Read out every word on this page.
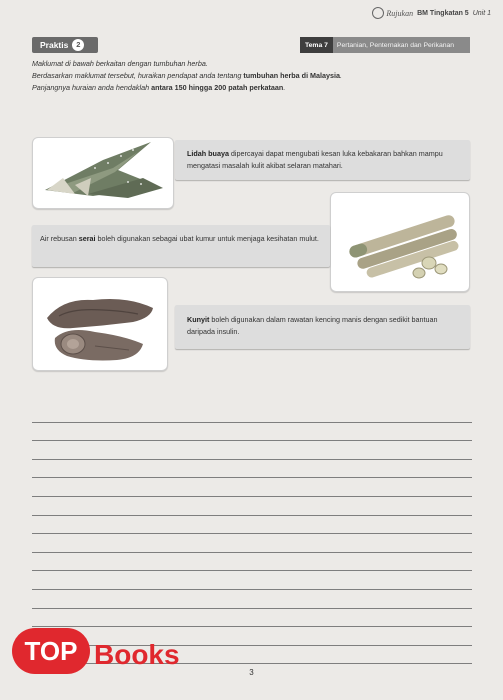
Rujukan BM Tingkatan 5 Unit 1
Praktis	2	Tema 7	Pertanian, Penternakan dan Perikanan
Maklumat di bawah berkaitan dengan tumbuhan herba.
Berdasarkan maklumat tersebut, huraikan pendapat anda tentang tumbuhan herba di Malaysia.
Panjangnya huraian anda hendaklah antara 150 hingga 200 patah perkataan.
Lidah buaya dipercayai dapat mengubati kesan luka kebakaran bahkan mampu mengatasi masalah kulit akibat selaran matahari.
Air rebusan serai boleh digunakan sebagai ubat kumur untuk menjaga kesihatan mulut.
Kunyit boleh digunakan dalam rawatan kencing manis dengan sedikit bantuan daripada insulin.
TOP Books
3
